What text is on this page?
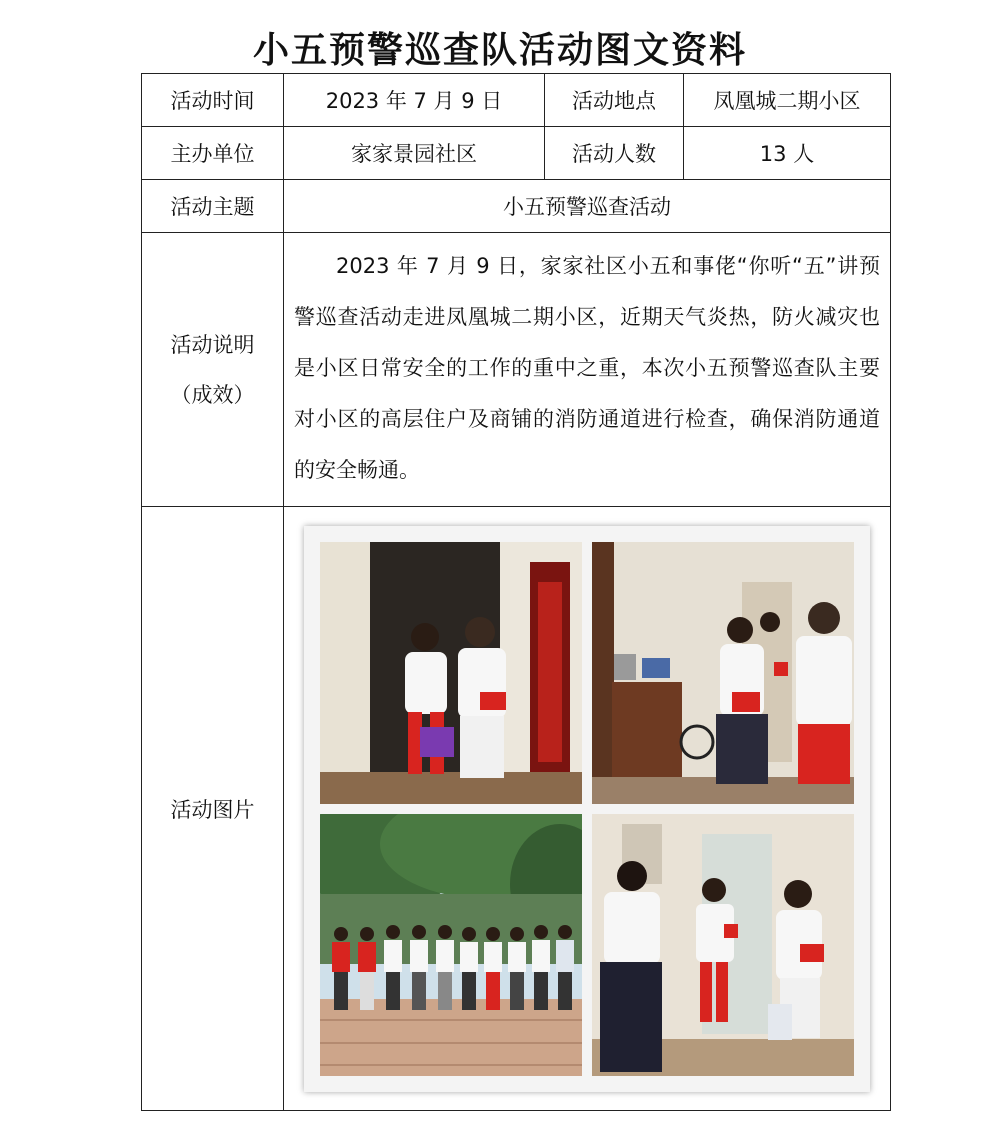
小五预警巡查队活动图文资料
活动时间	2023 年 7 月 9 日	活动地点	凤凰城二期小区
主办单位	家家景园社区	活动人数	13 人
活动主题	小五预警巡查活动		

活动说明
（成效）	2023 年 7 月 9 日，家家社区小五和事佬“你听“五”讲预警巡查活动走进凤凰城二期小区，近期天气炎热，防火减灾也是小区日常安全的工作的重中之重，本次小五预警巡查队主要对小区的高层住户及商铺的消防通道进行检查，确保消防通道的安全畅通。		
活动图片	
